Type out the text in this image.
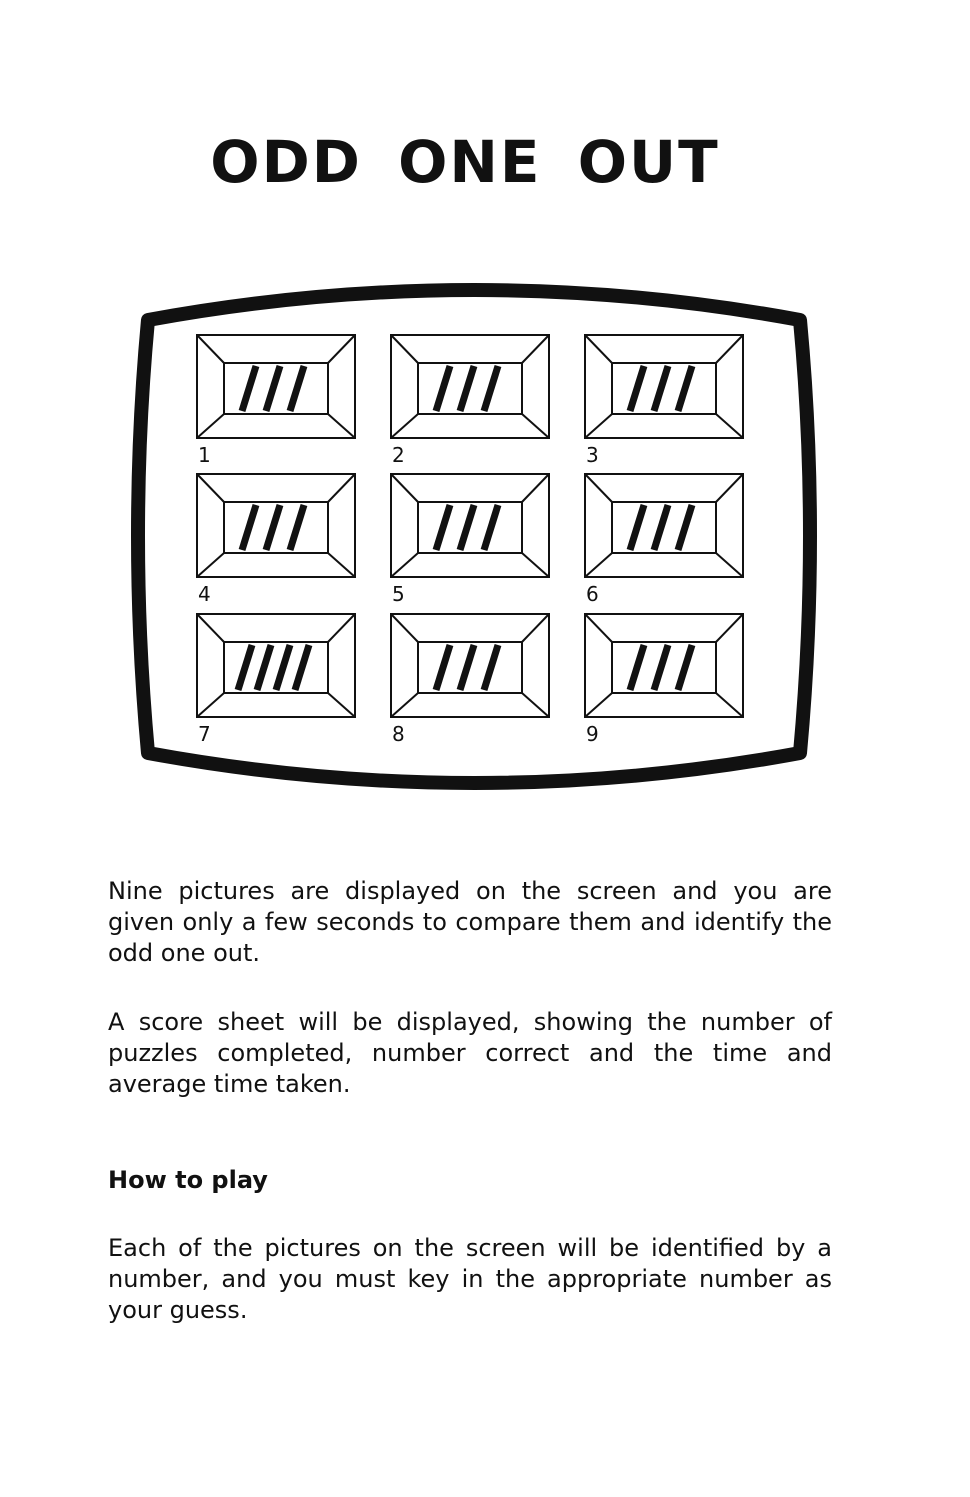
ODD ONE OUT
1	2	3
4	5	6
7	8	9

Nine pictures are displayed on the screen and you are given only a few seconds to compare them and identify the odd one out.

A score sheet will be displayed, showing the number of puzzles completed, number correct and the time and average time taken.

How to play

Each of the pictures on the screen will be identified by a number, and you must key in the appropriate number as your guess.
